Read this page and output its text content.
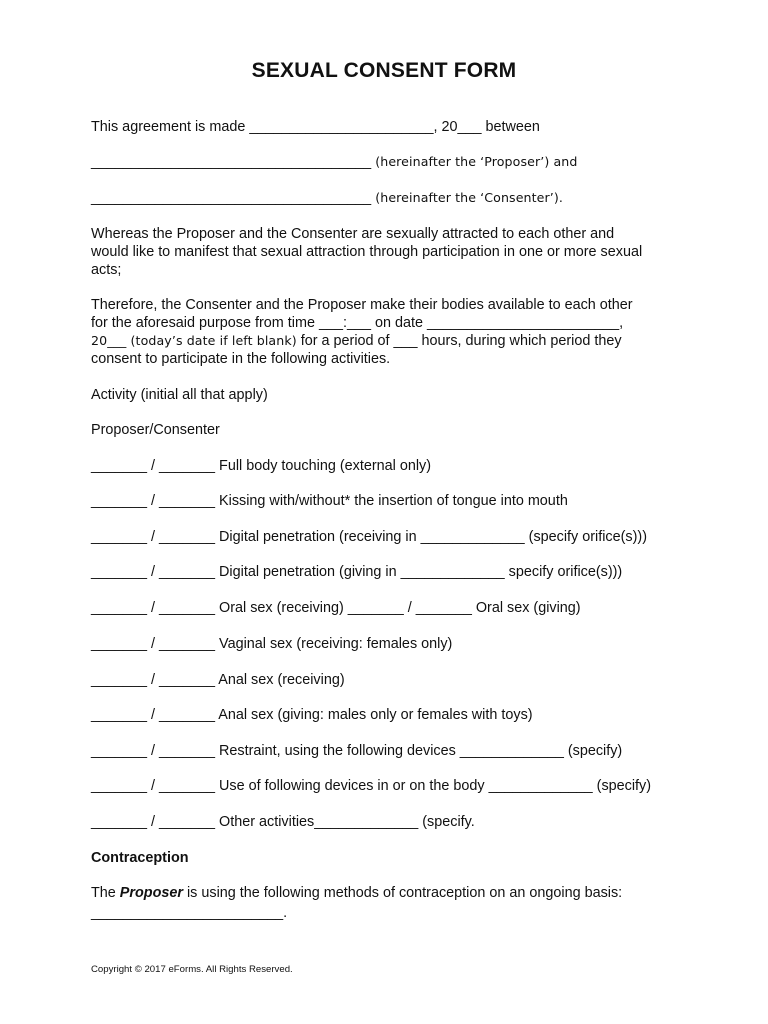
SEXUAL CONSENT FORM
This agreement is made _______________________, 20___ between
___________________________________ (hereinafter the ‘Proposer’) and
___________________________________ (hereinafter the ‘Consenter’).
Whereas the Proposer and the Consenter are sexually attracted to each other and
would like to manifest that sexual attraction through participation in one or more sexual
acts;
Therefore, the Consenter and the Proposer make their bodies available to each other
for the aforesaid purpose from time ___:___ on date ________________________,
20___ (today’s date if left blank) for a period of ___ hours, during which period they
consent to participate in the following activities.
Activity (initial all that apply)
Proposer/Consenter
_______ / _______ Full body touching (external only)
_______ / _______ Kissing with/without* the insertion of tongue into mouth
_______ / _______ Digital penetration (receiving in _____________ (specify orifice(s)))
_______ / _______ Digital penetration (giving in _____________ specify orifice(s)))
_______ / _______ Oral sex (receiving) _______ / _______ Oral sex (giving)
_______ / _______ Vaginal sex (receiving: females only)
_______ / _______ Anal sex (receiving)
_______ / _______ Anal sex (giving: males only or females with toys)
_______ / _______ Restraint, using the following devices _____________ (specify)
_______ / _______ Use of following devices in or on the body _____________ (specify)
_______ / _______ Other activities_____________ (specify.
Contraception
The Proposer is using the following methods of contraception on an ongoing basis:
________________________.
Copyright © 2017 eForms. All Rights Reserved.
